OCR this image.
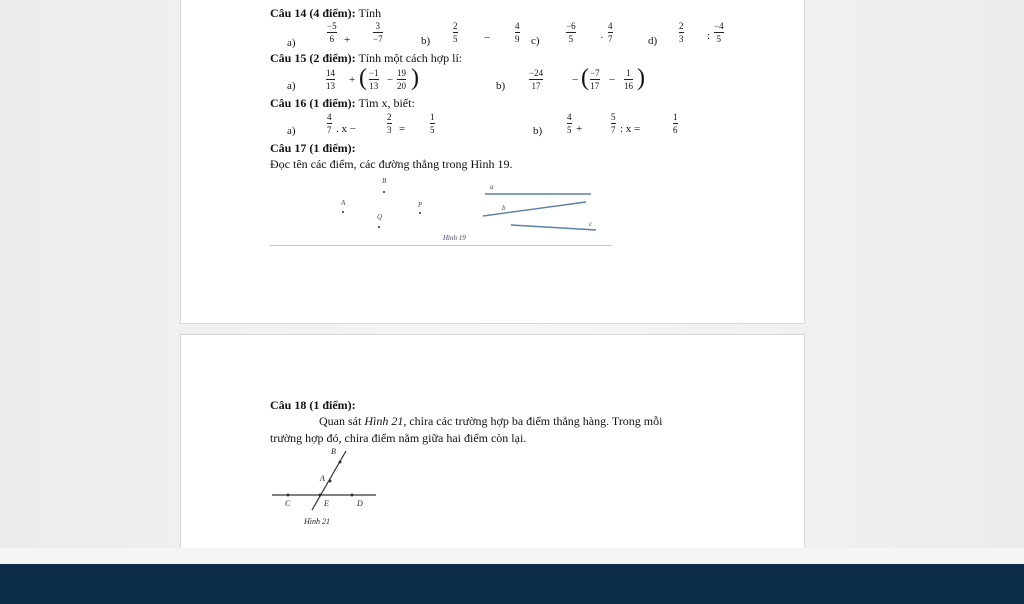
Câu 14 (4 điểm): Tính
a)
−5
6 +
3
−7	b)
2
5 −
4
9 c)
−6
5 ·
4
7	d)
2
3 :
−4
5
Câu 15 (2 điểm): Tính một cách hợp lí:
a)
14
13 + ( −1
13 −
19
20 )	b)
−24
17	− ( −7
17 −
1
16 )
Câu 16 (1 điểm): Tìm x, biết:
a)
4
7 . x −
2
3 =
1
5	b)
4
5 +
5
7 : x =
1
6
Câu 17 (1 điểm):
Đọc tên các điểm, các đường thẳng trong Hình 19.
B
A	P
Q
a
b
c
Hình 19
Câu 18 (1 điểm):
Quan sát Hình 21, chỉra các trường hợp ba điểm thẳng hàng. Trong mỗi
trường hợp đó, chỉra điểm nằm giữa hai điểm còn lại.
B
A
C	E	D
Hình 21
